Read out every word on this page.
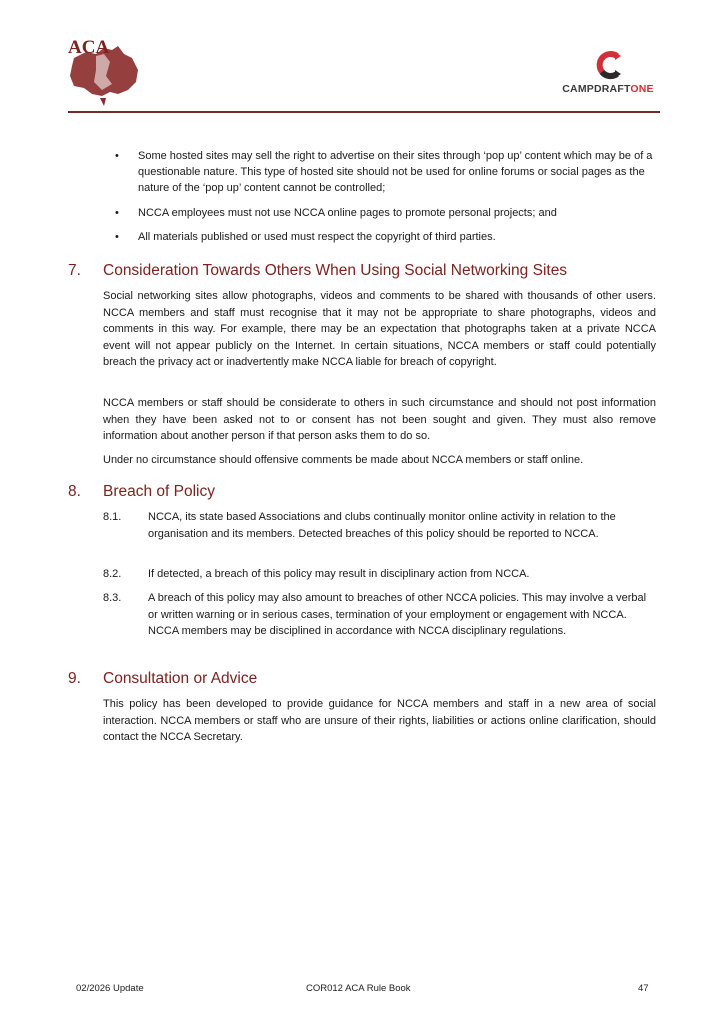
ACA
CAMPDRAFTONE
• Some hosted sites may sell the right to advertise on their sites through ‘pop up’ content which may be of a questionable nature. This type of hosted site should not be used for online forums or social pages as the nature of the ‘pop up’ content cannot be controlled;
• NCCA employees must not use NCCA online pages to promote personal projects; and
• All materials published or used must respect the copyright of third parties.
7. Consideration Towards Others When Using Social Networking Sites
Social networking sites allow photographs, videos and comments to be shared with thousands of other users. NCCA members and staff must recognise that it may not be appropriate to share photographs, videos and comments in this way. For example, there may be an expectation that photographs taken at a private NCCA event will not appear publicly on the Internet. In certain situations, NCCA members or staff could potentially breach the privacy act or inadvertently make NCCA liable for breach of copyright.
NCCA members or staff should be considerate to others in such circumstance and should not post information when they have been asked not to or consent has not been sought and given. They must also remove information about another person if that person asks them to do so.
Under no circumstance should offensive comments be made about NCCA members or staff online.
8. Breach of Policy
8.1. NCCA, its state based Associations and clubs continually monitor online activity in relation to the organisation and its members. Detected breaches of this policy should be reported to NCCA.
8.2. If detected, a breach of this policy may result in disciplinary action from NCCA.
8.3. A breach of this policy may also amount to breaches of other NCCA policies. This may involve a verbal or written warning or in serious cases, termination of your employment or engagement with NCCA. NCCA members may be disciplined in accordance with NCCA disciplinary regulations.
9. Consultation or Advice
This policy has been developed to provide guidance for NCCA members and staff in a new area of social interaction. NCCA members or staff who are unsure of their rights, liabilities or actions online clarification, should contact the NCCA Secretary.
02/2026 Update	COR012 ACA Rule Book	47
